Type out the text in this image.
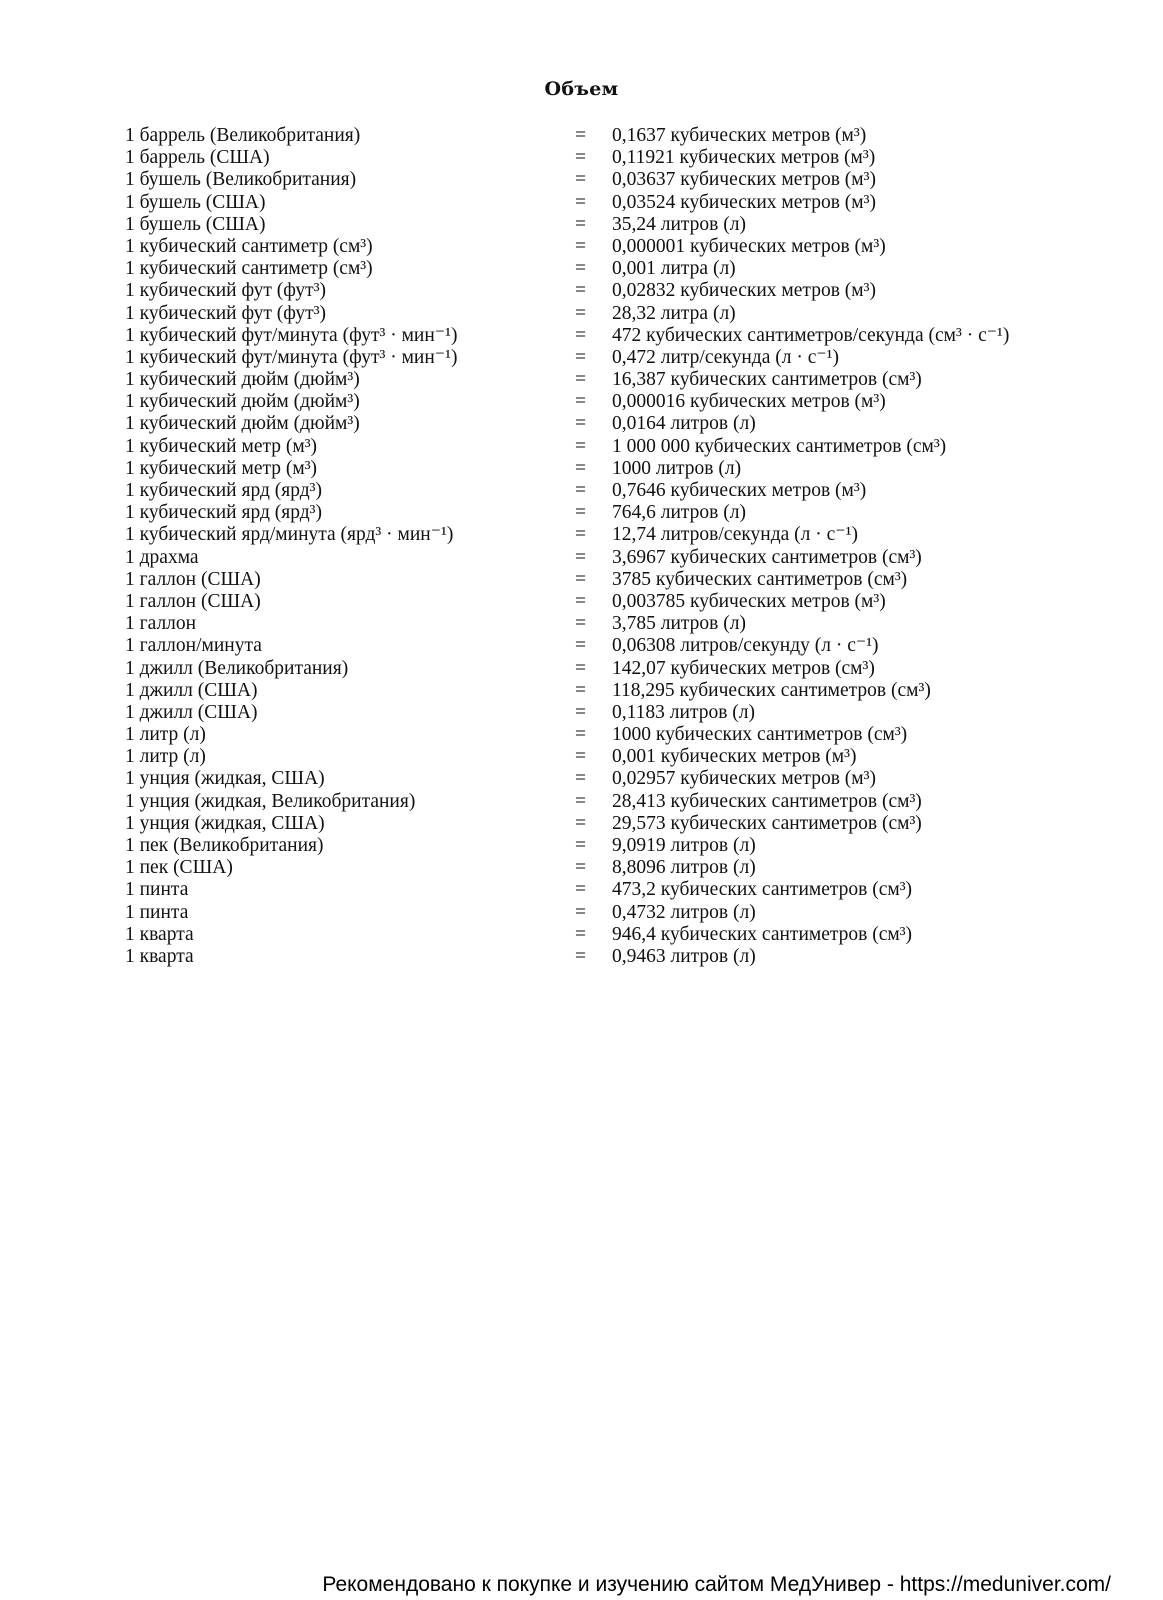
Объем
1 баррель (Великобритания)	=	0,1637 кубических метров (м³)
1 баррель (США)	=	0,11921 кубических метров (м³)
1 бушель (Великобритания)	=	0,03637 кубических метров (м³)
1 бушель (США)	=	0,03524 кубических метров (м³)
1 бушель (США)	=	35,24 литров (л)
1 кубический сантиметр (см³)	=	0,000001 кубических метров (м³)
1 кубический сантиметр (см³)	=	0,001 литра (л)
1 кубический фут (фут³)	=	0,02832 кубических метров (м³)
1 кубический фут (фут³)	=	28,32 литра (л)
1 кубический фут/минута (фут³ · мин⁻¹)	=	472 кубических сантиметров/секунда (см³ · с⁻¹)
1 кубический фут/минута (фут³ · мин⁻¹)	=	0,472 литр/секунда (л · с⁻¹)
1 кубический дюйм (дюйм³)	=	16,387 кубических сантиметров (см³)
1 кубический дюйм (дюйм³)	=	0,000016 кубических метров (м³)
1 кубический дюйм (дюйм³)	=	0,0164 литров (л)
1 кубический метр (м³)	=	1 000 000 кубических сантиметров (см³)
1 кубический метр (м³)	=	1000 литров (л)
1 кубический ярд (ярд³)	=	0,7646 кубических метров (м³)
1 кубический ярд (ярд³)	=	764,6 литров (л)
1 кубический ярд/минута (ярд³ · мин⁻¹)	=	12,74 литров/секунда (л · с⁻¹)
1 драхма	=	3,6967 кубических сантиметров (см³)
1 галлон (США)	=	3785 кубических сантиметров (см³)
1 галлон (США)	=	0,003785 кубических метров (м³)
1 галлон	=	3,785 литров (л)
1 галлон/минута	=	0,06308 литров/секунду (л · с⁻¹)
1 джилл (Великобритания)	=	142,07 кубических метров (см³)
1 джилл (США)	=	118,295 кубических сантиметров (см³)
1 джилл (США)	=	0,1183 литров (л)
1 литр (л)	=	1000 кубических сантиметров (см³)
1 литр (л)	=	0,001 кубических метров (м³)
1 унция (жидкая, США)	=	0,02957 кубических метров (м³)
1 унция (жидкая, Великобритания)	=	28,413 кубических сантиметров (см³)
1 унция (жидкая, США)	=	29,573 кубических сантиметров (см³)
1 пек (Великобритания)	=	9,0919 литров (л)
1 пек (США)	=	8,8096 литров (л)
1 пинта	=	473,2 кубических сантиметров (см³)
1 пинта	=	0,4732 литров (л)
1 кварта	=	946,4 кубических сантиметров (см³)
1 кварта	=	0,9463 литров (л)
Рекомендовано к покупке и изучению сайтом МедУнивер - https://meduniver.com/
